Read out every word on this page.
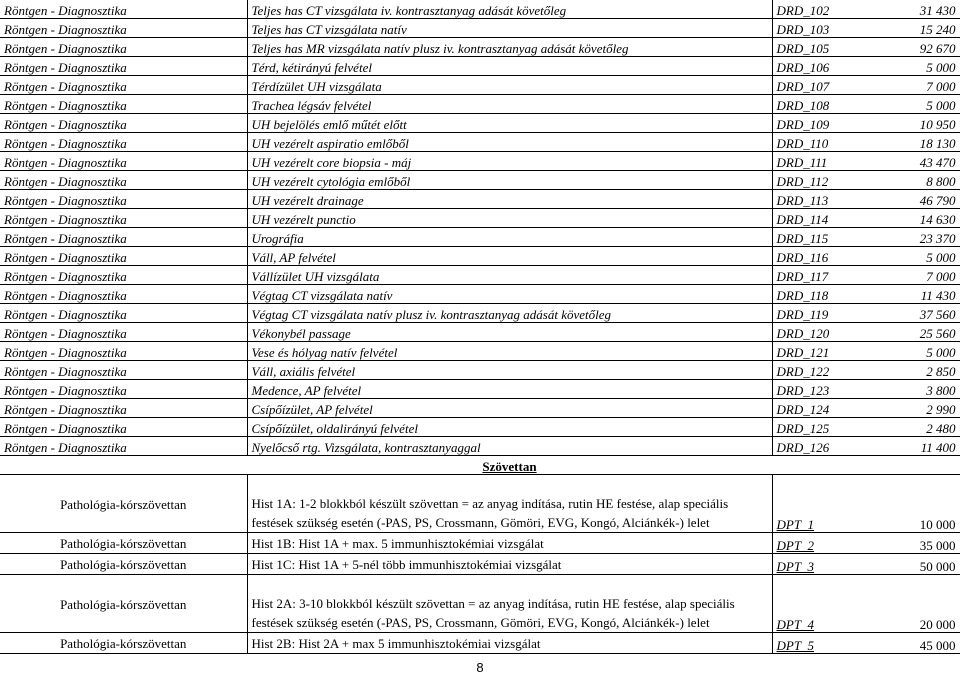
Röntgen - Diagnosztika	Teljes has CT vizsgálata iv. kontrasztanyag adását követőleg	DRD_102	31 430
Röntgen - Diagnosztika	Teljes has CT vizsgálata natív	DRD_103	15 240
Röntgen - Diagnosztika	Teljes has MR vizsgálata natív plusz iv. kontrasztanyag adását követőleg	DRD_105	92 670
Röntgen - Diagnosztika	Térd, kétirányú felvétel	DRD_106	5 000
Röntgen - Diagnosztika	Térdízület UH vizsgálata	DRD_107	7 000
Röntgen - Diagnosztika	Trachea légsáv felvétel	DRD_108	5 000
Röntgen - Diagnosztika	UH bejelölés emlő műtét előtt	DRD_109	10 950
Röntgen - Diagnosztika	UH vezérelt aspiratio emlőből	DRD_110	18 130
Röntgen - Diagnosztika	UH vezérelt core biopsia - máj	DRD_111	43 470
Röntgen - Diagnosztika	UH vezérelt cytológia emlőből	DRD_112	8 800
Röntgen - Diagnosztika	UH vezérelt drainage	DRD_113	46 790
Röntgen - Diagnosztika	UH vezérelt punctio	DRD_114	14 630
Röntgen - Diagnosztika	Urográfia	DRD_115	23 370
Röntgen - Diagnosztika	Váll, AP felvétel	DRD_116	5 000
Röntgen - Diagnosztika	Vállízület UH vizsgálata	DRD_117	7 000
Röntgen - Diagnosztika	Végtag CT vizsgálata natív	DRD_118	11 430
Röntgen - Diagnosztika	Végtag CT vizsgálata natív plusz iv. kontrasztanyag adását követőleg	DRD_119	37 560
Röntgen - Diagnosztika	Vékonybél passage	DRD_120	25 560
Röntgen - Diagnosztika	Vese és hólyag natív felvétel	DRD_121	5 000
Röntgen - Diagnosztika	Váll, axiális felvétel	DRD_122	2 850
Röntgen - Diagnosztika	Medence, AP felvétel	DRD_123	3 800
Röntgen - Diagnosztika	Csípőízület, AP felvétel	DRD_124	2 990
Röntgen - Diagnosztika	Csípőízület, oldalirányú felvétel	DRD_125	2 480
Röntgen - Diagnosztika	Nyelőcső rtg. Vizsgálata, kontrasztanyaggal	DRD_126	11 400
	Szövettan		
Pathológia-kórszövettan	Hist 1A: 1-2 blokkból készült szövettan = az anyag indítása, rutin HE festése, alap speciális festések szükség esetén (-PAS, PS, Crossmann, Gömöri, EVG, Kongó, Alciánkék-) lelet	DPT_1	10 000
Pathológia-kórszövettan	Hist 1B: Hist 1A + max. 5 immunhisztokémiai vizsgálat	DPT_2	35 000
Pathológia-kórszövettan	Hist 1C: Hist 1A + 5-nél több immunhisztokémiai vizsgálat	DPT_3	50 000
Pathológia-kórszövettan	Hist 2A: 3-10 blokkból készült szövettan = az anyag indítása, rutin HE festése, alap speciális festések szükség esetén (-PAS, PS, Crossmann, Gömöri, EVG, Kongó, Alciánkék-) lelet	DPT_4	20 000
Pathológia-kórszövettan	Hist 2B: Hist 2A + max 5 immunhisztokémiai vizsgálat	DPT_5	45 000
8
